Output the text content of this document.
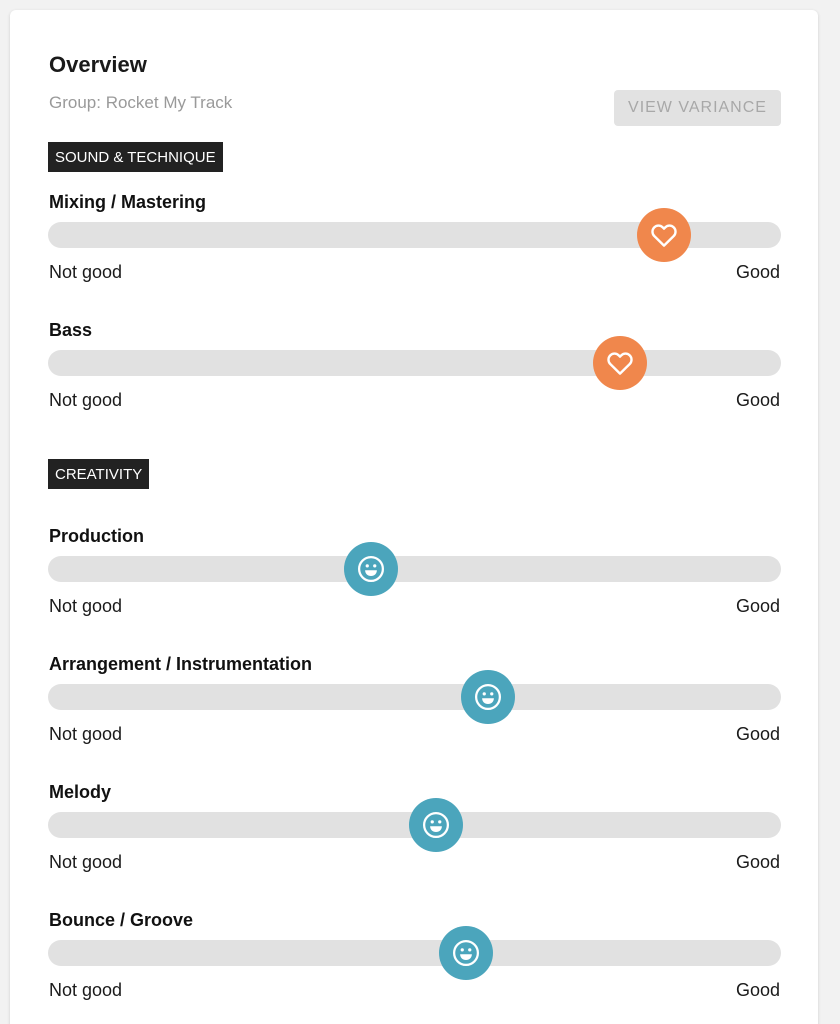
Overview
Group: Rocket My Track	VIEW VARIANCE
SOUND & TECHNIQUE
Mixing / Mastering
Not good	Good
Bass
Not good	Good
CREATIVITY
Production
Not good	Good
Arrangement / Instrumentation
Not good	Good
Melody
Not good	Good
Bounce / Groove
Not good	Good
